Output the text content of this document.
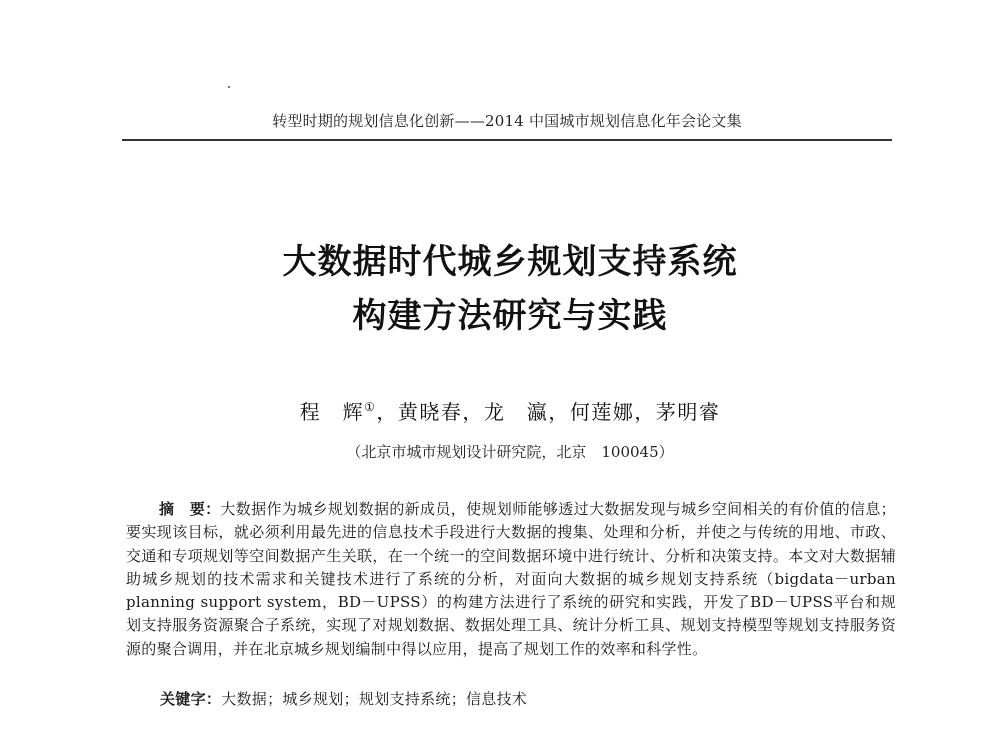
转型时期的规划信息化创新——2014 中国城市规划信息化年会论文集
大数据时代城乡规划支持系统
构建方法研究与实践
程　辉①，黄晓春，龙　瀛，何莲娜，茅明睿
（北京市城市规划设计研究院，北京　100045）
摘　要：大数据作为城乡规划数据的新成员，使规划师能够透过大数据发现与城乡空间相关的有价值的信息；要实现该目标，就必须利用最先进的信息技术手段进行大数据的搜集、处理和分析，并使之与传统的用地、市政、交通和专项规划等空间数据产生关联，在一个统一的空间数据环境中进行统计、分析和决策支持。本文对大数据辅助城乡规划的技术需求和关键技术进行了系统的分析，对面向大数据的城乡规划支持系统（bigdata－urban planning support system，BD－UPSS）的构建方法进行了系统的研究和实践，开发了BD－UPSS平台和规划支持服务资源聚合子系统，实现了对规划数据、数据处理工具、统计分析工具、规划支持模型等规划支持服务资源的聚合调用，并在北京城乡规划编制中得以应用，提高了规划工作的效率和科学性。
关键字：大数据；城乡规划；规划支持系统；信息技术
